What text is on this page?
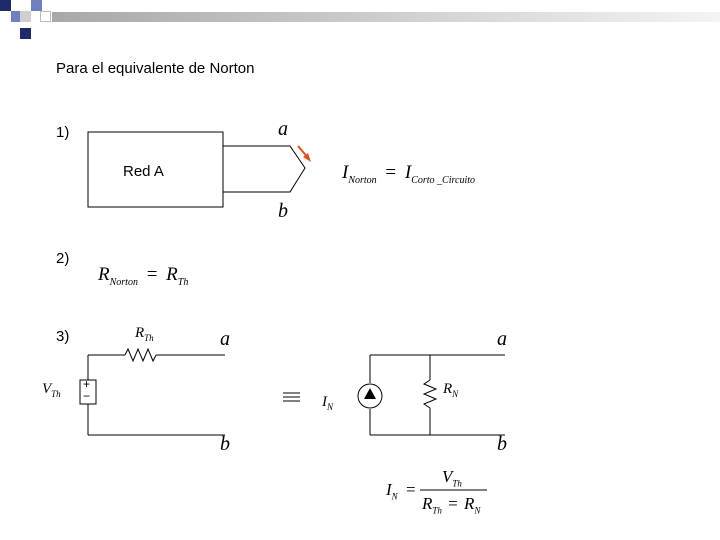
Para el equivalente de Norton
1)
2)
3)
Red A
a
b
$I_{Norton} = I_{Corto \_Circuito}$
$R_{Norton} = R_{Th}$
$R_{Th}$
$V_{Th}$
+
−
a
b
$I_N$
$R_N$
a
b
$I_N$ =
$V_{Th}$
$R_{Th} = R_N$
